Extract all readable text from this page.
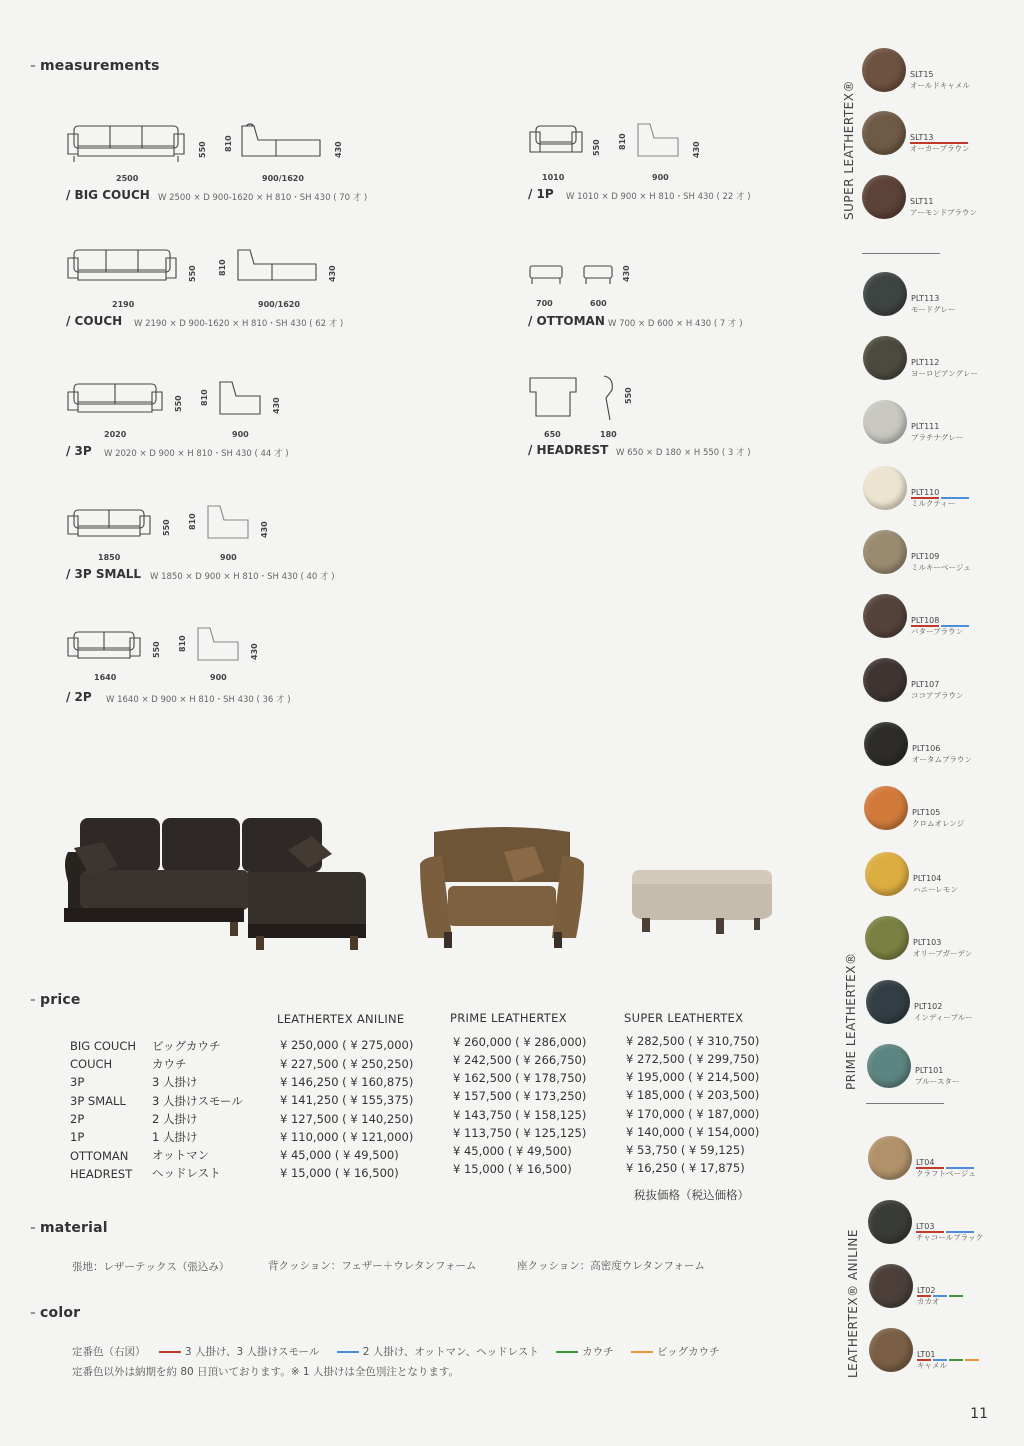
- measurements
- price
- material
- color
2500
550 810
900/1620
430
/ BIG COUCH W 2500 × D 900-1620 × H 810・SH 430 ( 70 才 )
2190
550	810
900/1620
430
/ COUCH W 2190 × D 900-1620 × H 810・SH 430 ( 62 才 )
2020
550 810
900
430
/ 3P W 2020 × D 900 × H 810・SH 430 ( 44 才 )
1850
550 810
900
430
/ 3P SMALL W 1850 × D 900 × H 810・SH 430 ( 40 才 )
1640
550 810
900
430
/ 2P W 1640 × D 900 × H 810・SH 430 ( 36 才 )
1010
550 810
900
430
/ 1P W 1010 × D 900 × H 810・SH 430 ( 22 才 )
700	600
430
/ OTTOMAN W 700 × D 600 × H 430 ( 7 才 )
650	180
550
/ HEADREST W 650 × D 180 × H 550 ( 3 才 )
LEATHERTEX ANILINE	PRIME LEATHERTEX	SUPER LEATHERTEX
BIG COUCH ビッグカウチ	¥ 250,000 ( ¥ 275,000)	¥ 260,000 ( ¥ 286,000)	¥ 282,500 ( ¥ 310,750)
COUCH	カウチ	¥ 227,500 ( ¥ 250,250)	¥ 242,500 ( ¥ 266,750)	¥ 272,500 ( ¥ 299,750)
3P	3 人掛け	¥ 146,250 ( ¥ 160,875)	¥ 162,500 ( ¥ 178,750)	¥ 195,000 ( ¥ 214,500)
3P SMALL 3 人掛けスモール	¥ 141,250 ( ¥ 155,375)	¥ 157,500 ( ¥ 173,250)	¥ 185,000 ( ¥ 203,500)
2P	2 人掛け	¥ 127,500 ( ¥ 140,250)	¥ 143,750 ( ¥ 158,125)	¥ 170,000 ( ¥ 187,000)
1P	1 人掛け	¥ 110,000 ( ¥ 121,000)	¥ 113,750 ( ¥ 125,125)	¥ 140,000 ( ¥ 154,000)
OTTOMAN オットマン	¥ 45,000 ( ¥ 49,500)	¥ 45,000 ( ¥ 49,500)	¥ 53,750 ( ¥ 59,125)
HEADREST ヘッドレスト	¥ 15,000 ( ¥ 16,500)	¥ 15,000 ( ¥ 16,500)	¥ 16,250 ( ¥ 17,875)
税抜価格（税込価格）
張地：レザーテックス（張込み）	背クッション：フェザー＋ウレタンフォーム	座クッション：高密度ウレタンフォーム
定番色（右図）	3 人掛け、3 人掛けスモール	2 人掛け、オットマン、ヘッドレスト	カウチ	ビッグカウチ
定番色以外は納期を約 80 日頂いております。※ 1 人掛けは全色別注となります。
SUPER LEATHERTEX®
PRIME LEATHERTEX®
LEATHERTEX® ANILINE
SLT15
オールドキャメル
SLT13
オーカーブラウン
SLT11
アーモンドブラウン
PLT113
モードグレー
PLT112
ヨーロピアングレー
PLT111
プラチナグレー
PLT110
ミルクティー
PLT109
ミルキーベージュ
PLT108
バターブラウン
PLT107
ココアブラウン
PLT106
オータムブラウン
PLT105
クロムオレンジ
PLT104
ハニーレモン
PLT103
オリーブガーデン
PLT102
インディーブルー
PLT101
ブルースター
LT04
クラフトベージュ
LT03
チャコールブラック
LT02
カカオ
LT01
キャメル
11
